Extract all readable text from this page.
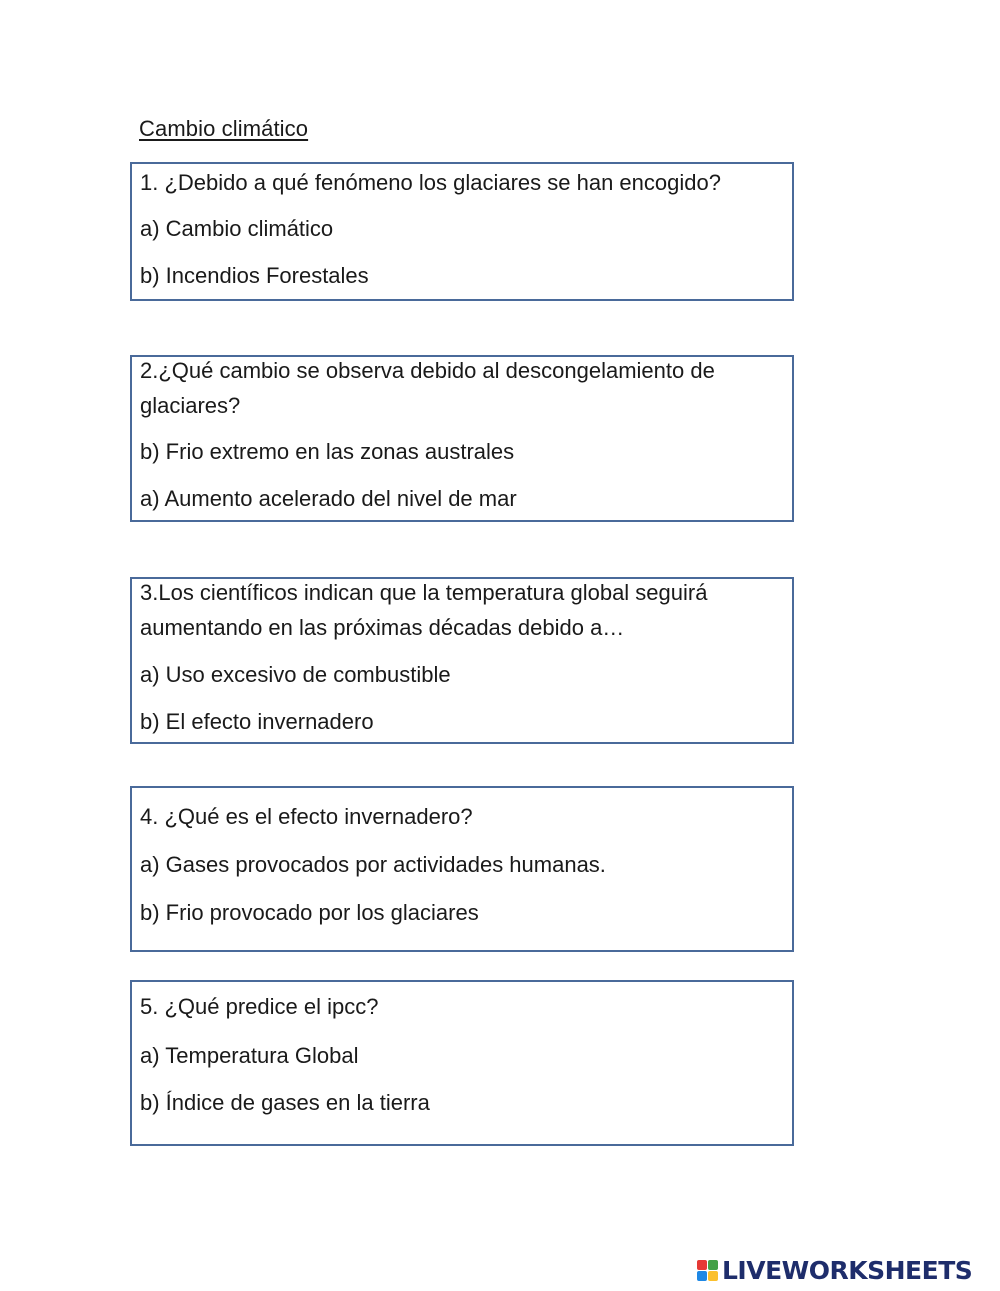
Cambio climático
1. ¿Debido a qué fenómeno los glaciares se han encogido?
a) Cambio climático
b) Incendios Forestales
2.¿Qué cambio se observa debido al descongelamiento de glaciares?
b) Frio extremo en las zonas australes
a) Aumento acelerado del nivel de mar
3.Los científicos indican que la temperatura global seguirá aumentando en las próximas décadas debido a…
a) Uso excesivo de combustible
b) El efecto invernadero
4. ¿Qué es el efecto invernadero?
a) Gases provocados por actividades humanas.
b) Frio provocado por los glaciares
5. ¿Qué predice el ipcc?
a) Temperatura Global
b) Índice de gases en la tierra
LIVEWORKSHEETS
